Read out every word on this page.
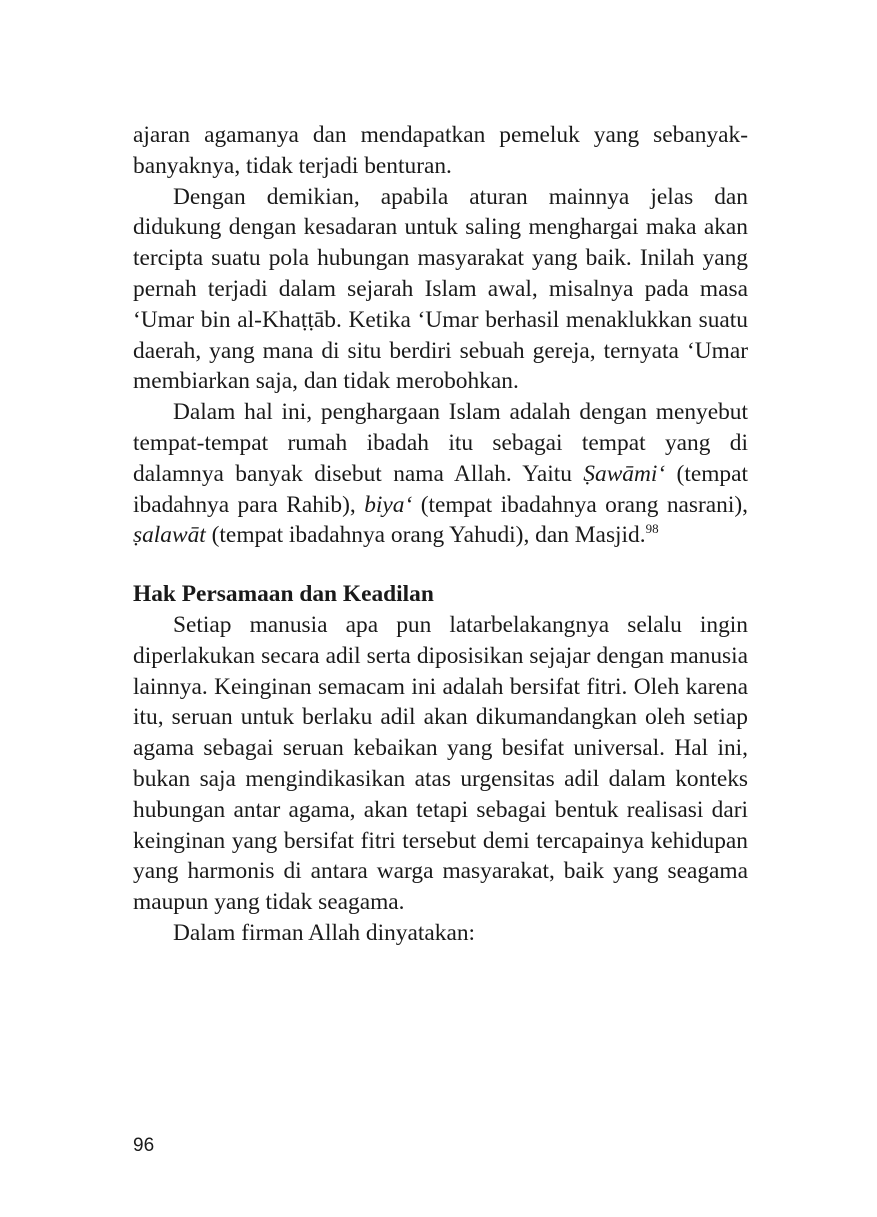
ajaran agamanya dan mendapatkan pemeluk yang sebanyak-banyaknya, tidak terjadi benturan.

Dengan demikian, apabila aturan mainnya jelas dan didukung dengan kesadaran untuk saling menghargai maka akan tercipta suatu pola hubungan masyarakat yang baik. Inilah yang pernah terjadi dalam sejarah Islam awal, misalnya pada masa ‘Umar bin al-Khaṭṭāb. Ketika ‘Umar berhasil menaklukkan suatu daerah, yang mana di situ berdiri sebuah gereja, ternyata ‘Umar membiarkan saja, dan tidak merobohkan.

Dalam hal ini, penghargaan Islam adalah dengan menyebut tempat-tempat rumah ibadah itu sebagai tempat yang di dalamnya banyak disebut nama Allah. Yaitu Ṣawāmi‘ (tempat ibadahnya para Rahib), biya‘ (tempat ibadahnya orang nasrani), ṣalawāt (tempat ibadahnya orang Yahudi), dan Masjid.$^{98}$

Hak Persamaan dan Keadilan

Setiap manusia apa pun latarbelakangnya selalu ingin diperlakukan secara adil serta diposisikan sejajar dengan manusia lainnya. Keinginan semacam ini adalah bersifat fitri. Oleh karena itu, seruan untuk berlaku adil akan dikumandangkan oleh setiap agama sebagai seruan kebaikan yang besifat universal. Hal ini, bukan saja mengindikasikan atas urgensitas adil dalam konteks hubungan antar agama, akan tetapi sebagai bentuk realisasi dari keinginan yang bersifat fitri tersebut demi tercapainya kehidupan yang harmonis di antara warga masyarakat, baik yang seagama maupun yang tidak seagama.

Dalam firman Allah dinyatakan:

96
